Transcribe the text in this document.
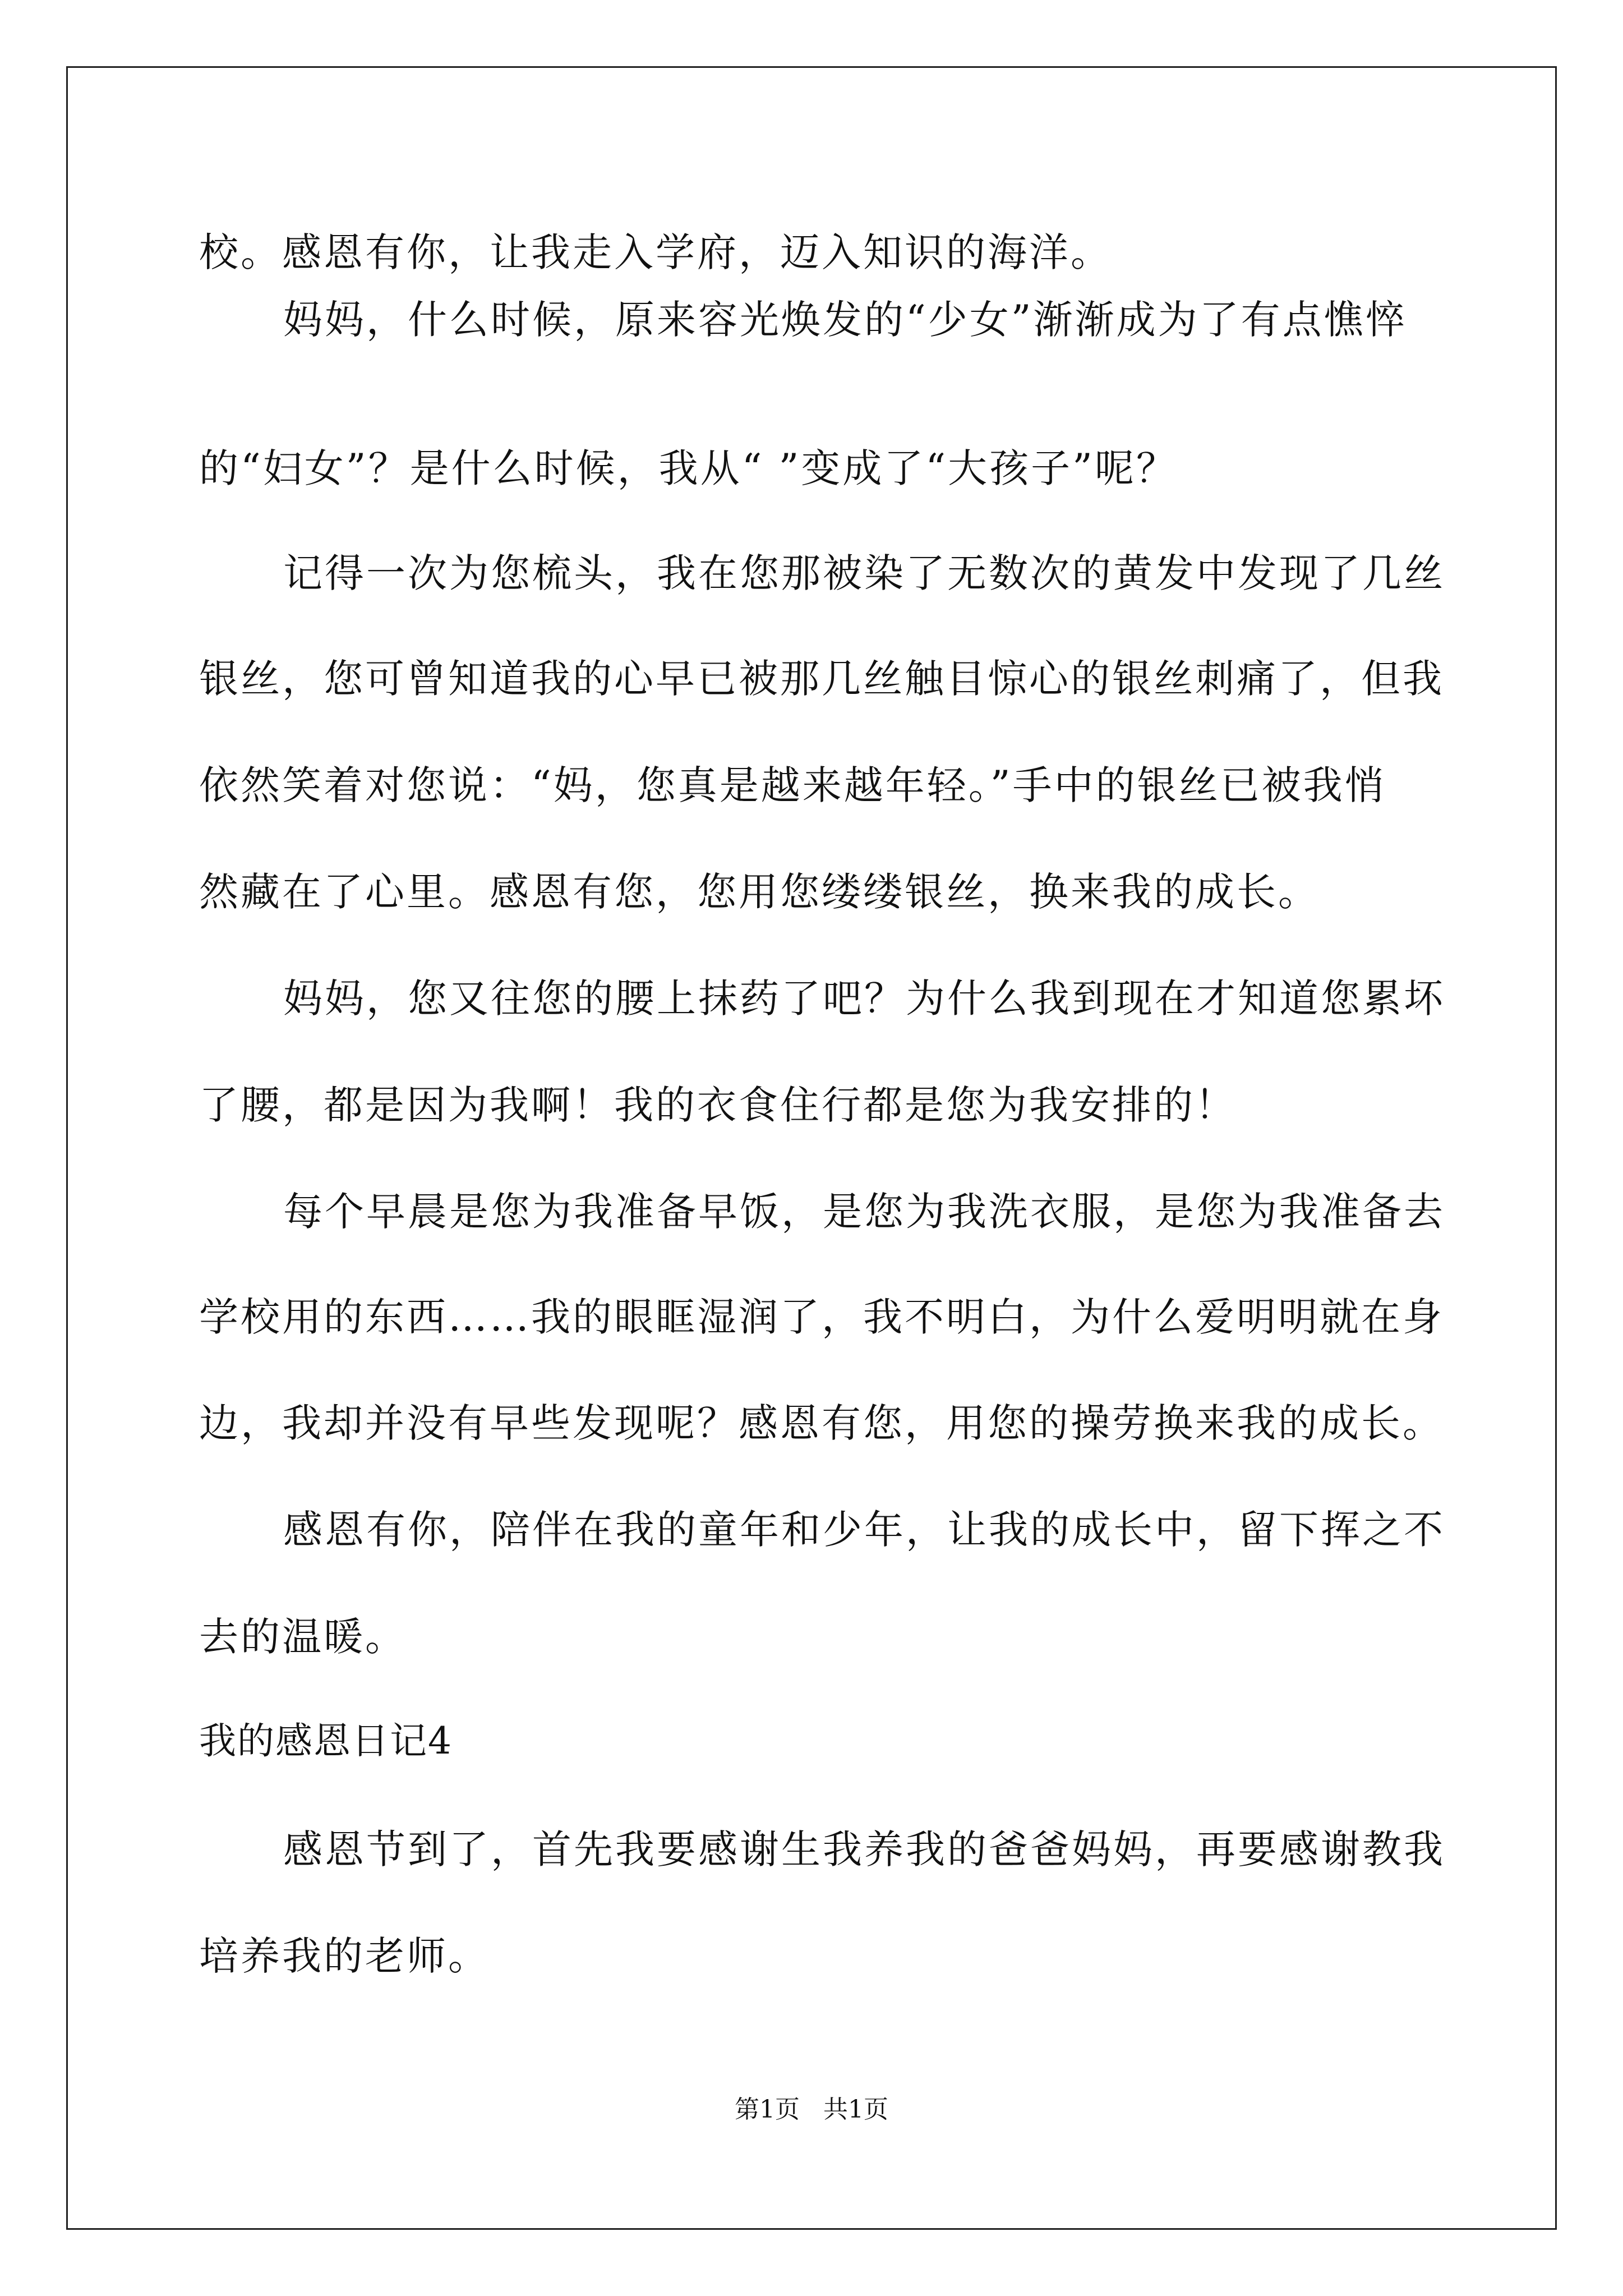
校。感恩有你，让我走入学府，迈入知识的海洋。
妈妈，什么时候，原来容光焕发的“少女”渐渐成为了有点憔悴
的“妇女”？是什么时候，我从“ ”变成了“大孩子”呢？
记得一次为您梳头，我在您那被染了无数次的黄发中发现了几丝
银丝，您可曾知道我的心早已被那几丝触目惊心的银丝刺痛了，但我
依然笑着对您说：“妈，您真是越来越年轻。”手中的银丝已被我悄
然藏在了心里。感恩有您，您用您缕缕银丝，换来我的成长。
妈妈，您又往您的腰上抹药了吧？为什么我到现在才知道您累坏
了腰，都是因为我啊！我的衣食住行都是您为我安排的！
每个早晨是您为我准备早饭，是您为我洗衣服，是您为我准备去
学校用的东西……我的眼眶湿润了，我不明白，为什么爱明明就在身
边，我却并没有早些发现呢？感恩有您，用您的操劳换来我的成长。
感恩有你，陪伴在我的童年和少年，让我的成长中，留下挥之不
去的温暖。
我的感恩日记4
感恩节到了，首先我要感谢生我养我的爸爸妈妈，再要感谢教我
培养我的老师。
第1页   共1页
